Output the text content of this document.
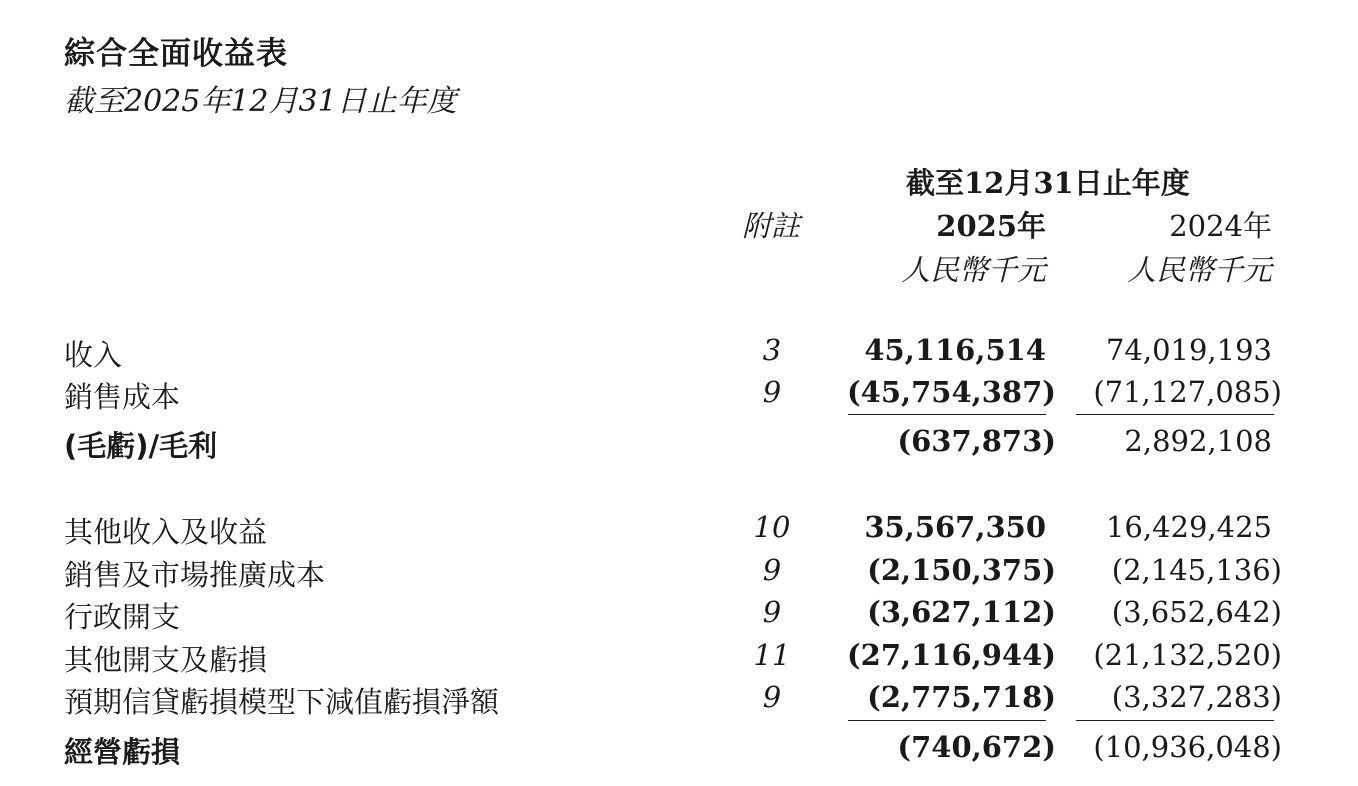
綜合全面收益表
截至2025年12月31日止年度
截至12月31日止年度
附註	2025年	2024年
人民幣千元	人民幣千元
收入	3	45,116,514	74,019,193
銷售成本	9	(45,754,387) (71,127,085)
(毛虧)/毛利	(637,873) 2,892,108
其他收入及收益	10	35,567,350	16,429,425
銷售及市場推廣成本	9	(2,150,375) (2,145,136)
行政開支	9	(3,627,112) (3,652,642)
其他開支及虧損	11	(27,116,944) (21,132,520)
預期信貸虧損模型下減值虧損淨額	9	(2,775,718) (3,327,283)
經營虧損	(740,672) (10,936,048)
